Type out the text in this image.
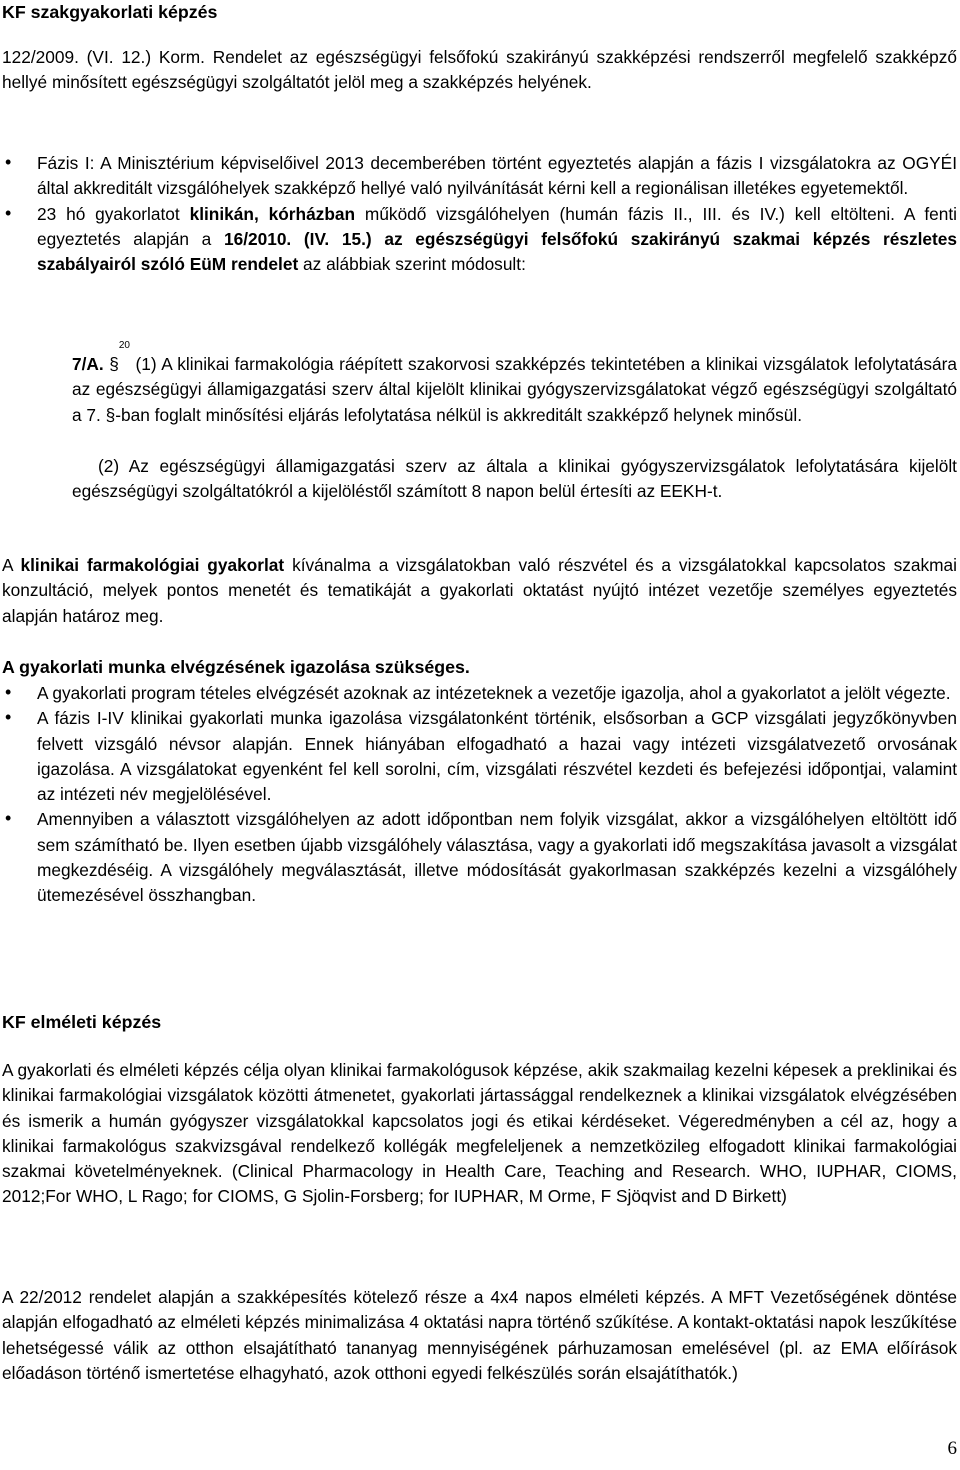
KF szakgyakorlati képzés
122/2009. (VI. 12.) Korm. Rendelet az egészségügyi felsőfokú szakirányú szakképzési rendszerről megfelelő szakképző hellyé minősített egészségügyi szolgáltatót jelöl meg a szakképzés helyének.
• Fázis I: A Minisztérium képviselőivel 2013 decemberében történt egyeztetés alapján a fázis I vizsgálatokra az OGYÉI által akkreditált vizsgálóhelyek szakképző hellyé való nyilvánítását kérni kell a regionálisan illetékes egyetemektől.
• 23 hó gyakorlatot klinikán, kórházban működő vizsgálóhelyen (humán fázis II., III. és IV.) kell eltölteni. A fenti egyeztetés alapján a 16/2010. (IV. 15.) az egészségügyi felsőfokú szakirányú szakmai képzés részletes szabályairól szóló EüM rendelet az alábbiak szerint módosult:
7/A. §$^{20}$ (1) A klinikai farmakológia ráépített szakorvosi szakképzés tekintetében a klinikai vizsgálatok lefolytatására az egészségügyi államigazgatási szerv által kijelölt klinikai gyógyszervizsgálatokat végző egészségügyi szolgáltató a 7. §-ban foglalt minősítési eljárás lefolytatása nélkül is akkreditált szakképző helynek minősül.
(2) Az egészségügyi államigazgatási szerv az általa a klinikai gyógyszervizsgálatok lefolytatására kijelölt egészségügyi szolgáltatókról a kijelöléstől számított 8 napon belül értesíti az EEKH-t.
A klinikai farmakológiai gyakorlat kívánalma a vizsgálatokban való részvétel és a vizsgálatokkal kapcsolatos szakmai konzultáció, melyek pontos menetét és tematikáját a gyakorlati oktatást nyújtó intézet vezetője személyes egyeztetés alapján határoz meg.
A gyakorlati munka elvégzésének igazolása szükséges.
• A gyakorlati program tételes elvégzését azoknak az intézeteknek a vezetője igazolja, ahol a gyakorlatot a jelölt végezte.
• A fázis I-IV klinikai gyakorlati munka igazolása vizsgálatonként történik, elsősorban a GCP vizsgálati jegyzőkönyvben felvett vizsgáló névsor alapján. Ennek hiányában elfogadható a hazai vagy intézeti vizsgálatvezető orvosának igazolása. A vizsgálatokat egyenként fel kell sorolni, cím, vizsgálati részvétel kezdeti és befejezési időpontjai, valamint az intézeti név megjelölésével.
• Amennyiben a választott vizsgálóhelyen az adott időpontban nem folyik vizsgálat, akkor a vizsgálóhelyen eltöltött idő sem számítható be. Ilyen esetben újabb vizsgálóhely választása, vagy a gyakorlati idő megszakítása javasolt a vizsgálat megkezdéséig. A vizsgálóhely megválasztását, illetve módosítását gyakorlmasan szakképzés kezelni a vizsgálóhely ütemezésével összhangban.
KF elméleti képzés
A gyakorlati és elméleti képzés célja olyan klinikai farmakológusok képzése, akik szakmailag kezelni képesek a preklinikai és klinikai farmakológiai vizsgálatok közötti átmenetet, gyakorlati jártassággal rendelkeznek a klinikai vizsgálatok elvégzésében és ismerik a humán gyógyszer vizsgálatokkal kapcsolatos jogi és etikai kérdéseket. Végeredményben a cél az, hogy a klinikai farmakológus szakvizsgával rendelkező kollégák megfeleljenek a nemzetközileg elfogadott klinikai farmakológiai szakmai követelményeknek. (Clinical Pharmacology in Health Care, Teaching and Research. WHO, IUPHAR, CIOMS, 2012;For WHO, L Rago; for CIOMS, G Sjolin-Forsberg; for IUPHAR, M Orme, F Sjöqvist and D Birkett)
A 22/2012 rendelet alapján a szakképesítés kötelező része a 4x4 napos elméleti képzés. A MFT Vezetőségének döntése alapján elfogadható az elméleti képzés minimalizása 4 oktatási napra történő szűkítése. A kontakt-oktatási napok leszűkítése lehetségessé válik az otthon elsajátítható tananyag mennyiségének párhuzamosan emelésével (pl. az EMA előírások előadáson történő ismertetése elhagyható, azok otthoni egyedi felkészülés során elsajátíthatók.)
6
